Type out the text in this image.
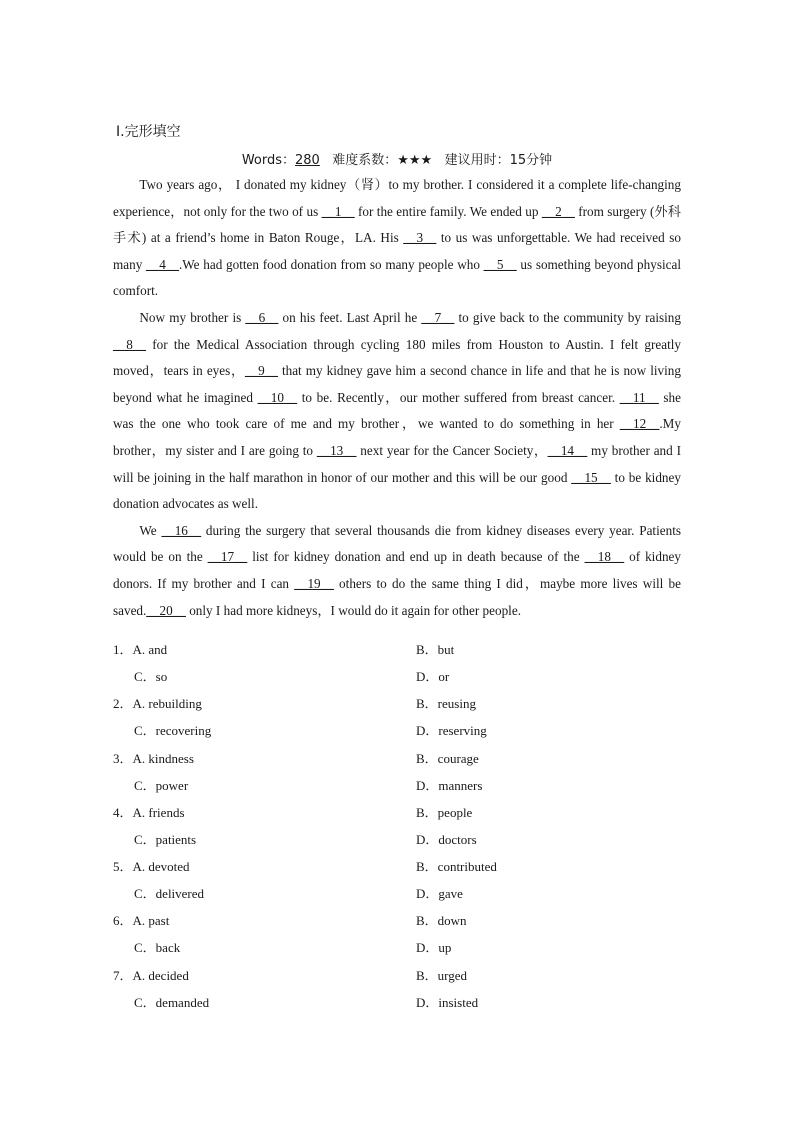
Ⅰ.完形填空
Words：280 难度系数：★★★ 建议用时：15分钟

Two years ago， I donated my kidney（肾）to my brother. I considered it a complete life-changing experience，not only for the two of us __1__ for the entire family. We ended up __2__ from surgery (外科手术) at a friend’s home in Baton Rouge，LA. His __3__ to us was unforgettable. We had received so many __4__.We had gotten food donation from so many people who __5__ us something beyond physical comfort.

Now my brother is __6__ on his feet. Last April he __7__ to give back to the community by raising __8__ for the Medical Association through cycling 180 miles from Houston to Austin. I felt greatly moved，tears in eyes，__9__ that my kidney gave him a second chance in life and that he is now living beyond what he imagined __10__ to be. Recently，our mother suffered from breast cancer. __11__ she was the one who took care of me and my brother，we wanted to do something in her __12__.My brother，my sister and I are going to __13__ next year for the Cancer Society，__14__ my brother and I will be joining in the half marathon in honor of our mother and this will be our good __15__ to be kidney donation advocates as well.

We __16__ during the surgery that several thousands die from kidney diseases every year. Patients would be on the __17__ list for kidney donation and end up in death because of the __18__ of kidney donors. If my brother and I can __19__ others to do the same thing I did，maybe more lives will be saved.__20__ only I had more kidneys，I would do it again for other people.

1．A. and	B．but
C．so	D．or
2．A. rebuilding	B．reusing
C．recovering	D．reserving
3．A. kindness	B．courage
C．power	D．manners
4．A. friends	B．people
C．patients	D．doctors
5．A. devoted	B．contributed
C．delivered	D．gave
6．A. past	B．down
C．back	D．up
7．A. decided	B．urged
C．demanded	D．insisted
